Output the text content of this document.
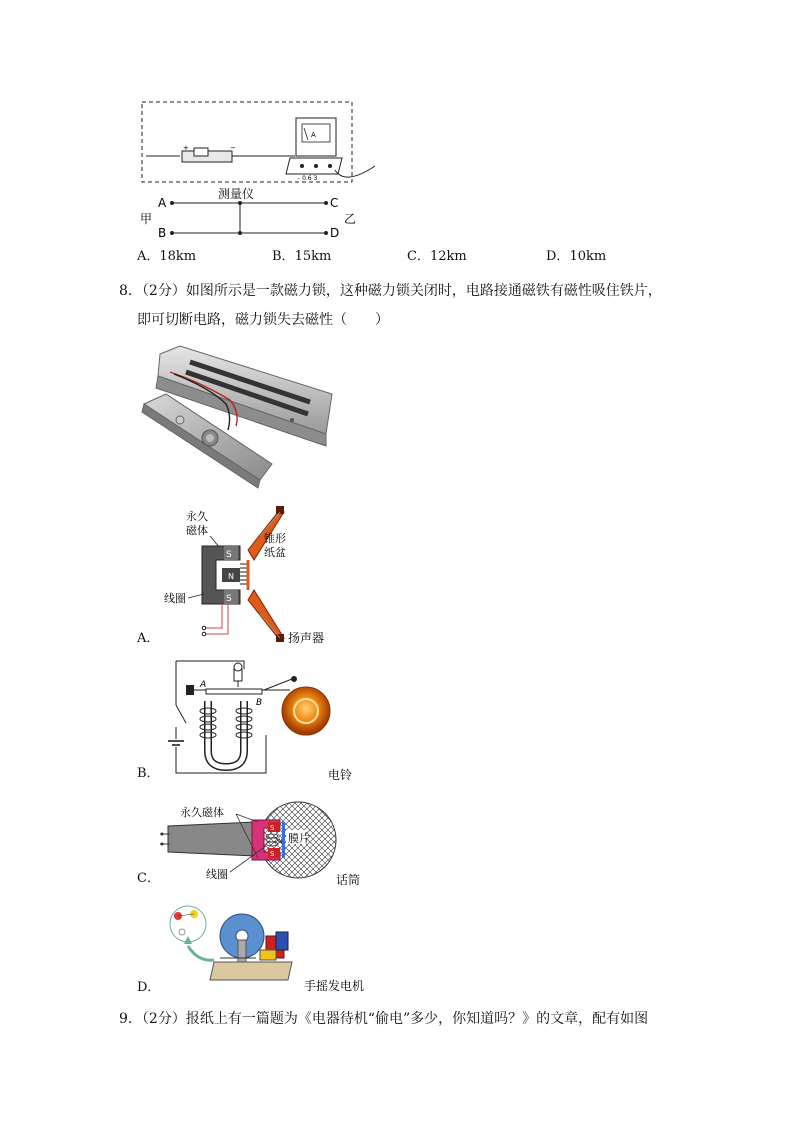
+	−
A
- 0.6 3
测量仪
A
B
C
D
甲	乙
A．18km	B．15km	C．12km	D．10km
8．（2分）如图所示是一款磁力锁，这种磁力锁关闭时，电路接通磁铁有磁性吸住铁片，
即可切断电路，磁力锁失去磁性（　　）
永久
磁体
S
S
N
锥形
纸盆
线圈
扬声器
A．
A
B
电铃
B．
S
S
N
永久磁体
膜片
线圈	话筒
C．
手摇发电机
D．
9．（2分）报纸上有一篇题为《电器待机“偷电”多少，你知道吗？》的文章，配有如图
